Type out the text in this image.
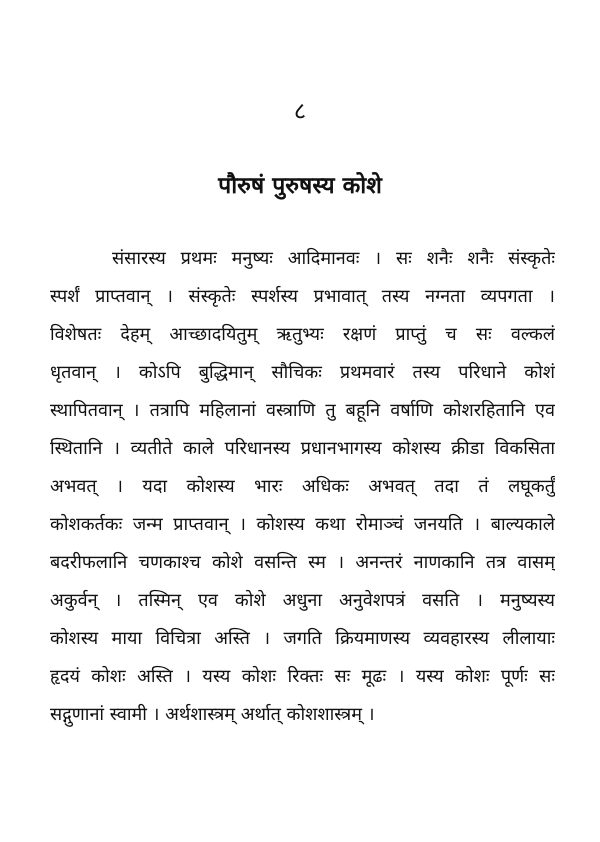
८
पौरुषं पुरुषस्य कोशे
संसारस्य प्रथमः मनुष्यः आदिमानवः । सः शनैः शनैः संस्कृतेः
स्पर्शं प्राप्तवान् । संस्कृतेः स्पर्शस्य प्रभावात् तस्य नग्नता व्यपगता ।
विशेषतः देहम् आच्छादयितुम् ऋतुभ्यः रक्षणं प्राप्तुं च सः वल्कलं
धृतवान् । कोऽपि बुद्धिमान् सौचिकः प्रथमवारं तस्य परिधाने कोशं
स्थापितवान् । तत्रापि महिलानां वस्त्राणि तु बहूनि वर्षाणि कोशरहितानि एव
स्थितानि । व्यतीते काले परिधानस्य प्रधानभागस्य कोशस्य क्रीडा विकसिता
अभवत् । यदा कोशस्य भारः अधिकः अभवत् तदा तं लघूकर्तुं
कोशकर्तकः जन्म प्राप्तवान् । कोशस्य कथा रोमाञ्चं जनयति । बाल्यकाले
बदरीफलानि चणकाश्च कोशे वसन्ति स्म । अनन्तरं नाणकानि तत्र वासम्
अकुर्वन् । तस्मिन् एव कोशे अधुना अनुवेशपत्रं वसति । मनुष्यस्य
कोशस्य माया विचित्रा अस्ति । जगति क्रियमाणस्य व्यवहारस्य लीलायाः
हृदयं कोशः अस्ति । यस्य कोशः रिक्तः सः मूढः । यस्य कोशः पूर्णः सः
सद्गुणानां स्वामी । अर्थशास्त्रम् अर्थात् कोशशास्त्रम् ।
